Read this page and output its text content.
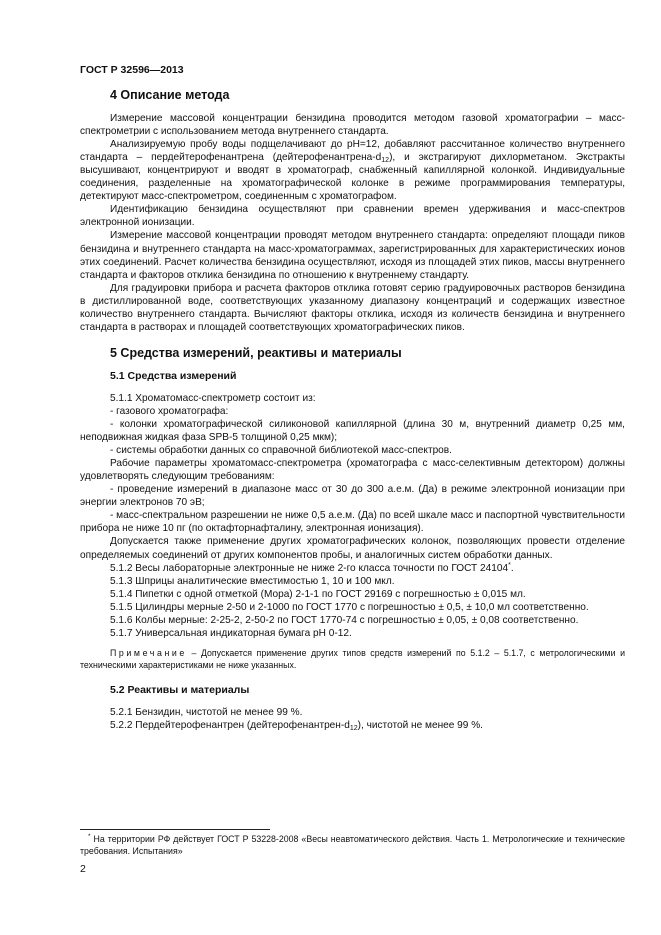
ГОСТ Р 32596—2013
4 Описание метода

Измерение массовой концентрации бензидина проводится методом газовой хроматографии – масс-спектрометрии с использованием метода внутреннего стандарта.

Анализируемую пробу воды подщелачивают до pH=12, добавляют рассчитанное количество внутреннего стандарта – пердейтерофенантрена $(дейтерофенантрена-d_{12})$, и экстрагируют дихлорметаном. Экстракты высушивают, концентрируют и вводят в хроматограф, снабженный капиллярной колонкой. Индивидуальные соединения, разделенные на хроматографической колонке в режиме программирования температуры, детектируют масс-спектрометром, соединенным с хроматографом.

Идентификацию бензидина осуществляют при сравнении времен удерживания и масс-спектров электронной ионизации.

Измерение массовой концентрации проводят методом внутреннего стандарта: определяют площади пиков бензидина и внутреннего стандарта на масс-хроматограммах, зарегистрированных для характеристических ионов этих соединений. Расчет количества бензидина осуществляют, исходя из площадей этих пиков, массы внутреннего стандарта и факторов отклика бензидина по отношению к внутреннему стандарту.

Для градуировки прибора и расчета факторов отклика готовят серию градуировочных растворов бензидина в дистиллированной воде, соответствующих указанному диапазону концентраций и содержащих известное количество внутреннего стандарта. Вычисляют факторы отклика, исходя из количеств бензидина и внутреннего стандарта в растворах и площадей соответствующих хроматографических пиков.

5 Средства измерений, реактивы и материалы
5.1 Средства измерений

5.1.1 Хроматомасс-спектрометр состоит из:

- газового хроматографа:

- колонки хроматографической силиконовой капиллярной (длина 30 м, внутренний диаметр 0,25 мм, неподвижная жидкая фаза SPB-5 толщиной 0,25 мкм);

- системы обработки данных со справочной библиотекой масс-спектров.

Рабочие параметры хроматомасс-спектрометра (хроматографа с масс-селективным детектором) должны удовлетворять следующим требованиям:

- проведение измерений в диапазоне масс от 30 до 300 а.е.м. (Да) в режиме электронной ионизации при энергии электронов 70 эВ;

- масс-спектральном разрешении не ниже 0,5 а.е.м. (Да) по всей шкале масс и паспортной чувствительности прибора не ниже 10 пг (по октафторнафталину, электронная ионизация).

Допускается также применение других хроматографических колонок, позволяющих провести отделение определяемых соединений от других компонентов пробы, и аналогичных систем обработки данных.

5.1.2 Весы лабораторные электронные не ниже 2-го класса точности по ГОСТ 24104*.

5.1.3 Шприцы аналитические вместимостью 1, 10 и 100 мкл.

5.1.4 Пипетки с одной отметкой (Мора) 2-1-1 по ГОСТ 29169 с погрешностью ± 0,015 мл.

5.1.5 Цилиндры мерные 2-50 и 2-1000 по ГОСТ 1770 с погрешностью ± 0,5, ± 10,0 мл соответственно.

5.1.6 Колбы мерные: 2-25-2, 2-50-2 по ГОСТ 1770-74 с погрешностью ± 0,05, ± 0,08 соответственно.

5.1.7 Универсальная индикаторная бумага pH 0-12.

Примечание – Допускается применение других типов средств измерений по 5.1.2 – 5.1.7, с метрологическими и техническими характеристиками не ниже указанных.

5.2 Реактивы и материалы

5.2.1 Бензидин, чистотой не менее 99 %.

5.2.2 Пердейтерофенантрен $(дейтерофенантрен-d_{12})$, чистотой не менее 99 %.

* На территории РФ действует ГОСТ Р 53228-2008 «Весы неавтоматического действия. Часть 1. Метрологические и технические требования. Испытания»
2
